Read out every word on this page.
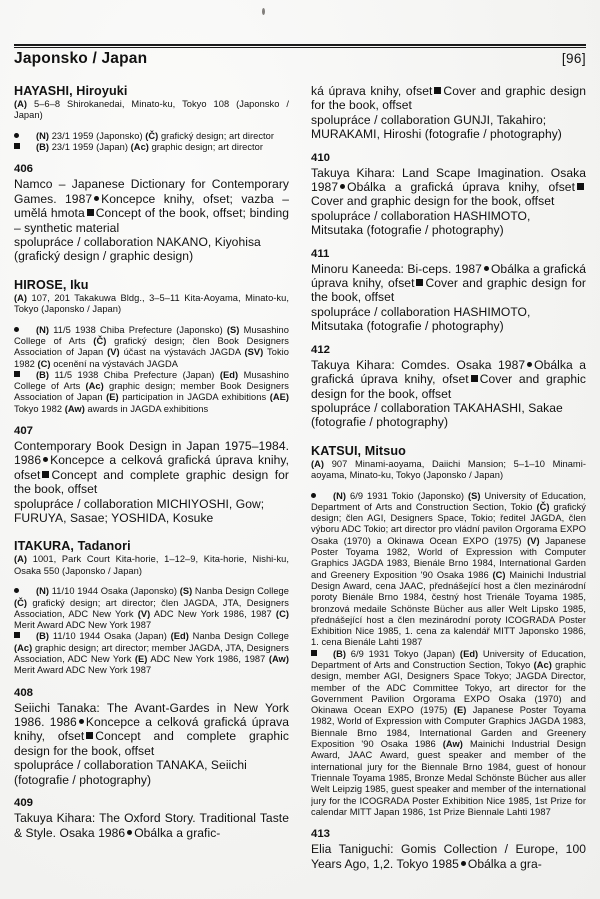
Japonsko / Japan	[96]
HAYASHI, Hiroyuki
(A) 5–6–8 Shirokanedai, Minato-ku, Tokyo 108 (Japonsko / Japan)
(N) 23/1 1959 (Japonsko) (Č) grafický design; art director
(B) 23/1 1959 (Japan) (Ac) graphic design; art director
406
Namco – Japanese Dictionary for Contemporary Games. 1987 Koncepce knihy, ofset; vazba – umělá hmota Concept of the book, offset; binding – synthetic material
spolupráce / collaboration NAKANO, Kiyohisa (grafický design / graphic design)
HIROSE, Iku
(A) 107, 201 Takakuwa Bldg., 3–5–11 Kita-Aoyama, Minato-ku, Tokyo (Japonsko / Japan)
(N) 11/5 1938 Chiba Prefecture (Japonsko) (S) Musashino College of Arts (Č) grafický design; člen Book Designers Association of Japan (V) účast na výstavách JAGDA (SV) Tokio 1982 (C) ocenění na výstavách JAGDA
(B) 11/5 1938 Chiba Prefecture (Japan) (Ed) Musashino College of Arts (Ac) graphic design; member Book Designers Association of Japan (E) participation in JAGDA exhibitions (AE) Tokyo 1982 (Aw) awards in JAGDA exhibitions
407
Contemporary Book Design in Japan 1975–1984. 1986 Koncepce a celková grafická úprava knihy, ofset Concept and complete graphic design for the book, offset
spolupráce / collaboration MICHIYOSHI, Gow; FURUYA, Sasae; YOSHIDA, Kosuke
ITAKURA, Tadanori
(A) 1001, Park Court Kita-horie, 1–12–9, Kita-horie, Nishi-ku, Osaka 550 (Japonsko / Japan)
(N) 11/10 1944 Osaka (Japonsko) (S) Nanba Design College (Č) grafický design; art director; člen JAGDA, JTA, Designers Association, ADC New York (V) ADC New York 1986, 1987 (C) Merit Award ADC New York 1987
(B) 11/10 1944 Osaka (Japan) (Ed) Nanba Design College (Ac) graphic design; art director; member JAGDA, JTA, Designers Association, ADC New York (E) ADC New York 1986, 1987 (Aw) Merit Award ADC New York 1987
408
Seiichi Tanaka: The Avant-Gardes in New York 1986. 1986 Koncepce a celková grafická úprava knihy, ofset Concept and complete graphic design for the book, offset
spolupráce / collaboration TANAKA, Seiichi (fotografie / photography)
409
Takuya Kihara: The Oxford Story. Traditional Taste & Style. Osaka 1986 Obálka a grafic-
ká úprava knihy, ofset Cover and graphic design for the book, offset
spolupráce / collaboration GUNJI, Takahiro; MURAKAMI, Hiroshi (fotografie / photography)
410
Takuya Kihara: Land Scape Imagination. Osaka 1987 Obálka a grafická úprava knihy, ofsetCover and graphic design for the book, offset
spolupráce / collaboration HASHIMOTO, Mitsutaka (fotografie / photography)
411
Minoru Kaneeda: Bi-ceps. 1987 Obálka a grafická úprava knihy, ofset Cover and graphic design for the book, offset
spolupráce / collaboration HASHIMOTO, Mitsutaka (fotografie / photography)
412
Takuya Kihara: Comdes. Osaka 1987 Obálka a grafická úprava knihy, ofset Cover and graphic design for the book, offset
spolupráce / collaboration TAKAHASHI, Sakae (fotografie / photography)
KATSUI, Mitsuo
(A) 907 Minami-aoyama, Daiichi Mansion; 5–1–10 Minami-aoyama, Minato-ku, Tokyo (Japonsko / Japan)
(N) 6/9 1931 Tokio (Japonsko) (S) University of Education, Department of Arts and Construction Section, Tokio (Č) grafický design; člen AGI, Designers Space, Tokio; ředitel JAGDA, člen výboru ADC Tokio; art director pro vládní pavilon Orgorama EXPO Osaka (1970) a Okinawa Ocean EXPO (1975) (V) Japanese Poster Toyama 1982, World of Expression with Computer Graphics JAGDA 1983, Bienále Brno 1984, International Garden and Greenery Exposition '90 Osaka 1986 (C) Mainichi Industrial Design Award, cena JAAC, přednášející host a člen mezinárodní poroty Bienále Brno 1984, čestný host Trienále Toyama 1985, bronzová medaile Schönste Bücher aus aller Welt Lipsko 1985, přednášející host a člen mezinárodní poroty ICOGRADA Poster Exhibition Nice 1985, 1. cena za kalendář MITT Japonsko 1986, 1. cena Bienále Lahti 1987
(B) 6/9 1931 Tokyo (Japan) (Ed) University of Education, Department of Arts and Construction Section, Tokyo (Ac) graphic design, member AGI, Designers Space Tokyo; JAGDA Director, member of the ADC Committee Tokyo, art director for the Government Pavilion Orgorama EXPO Osaka (1970) and Okinawa Ocean EXPO (1975) (E) Japanese Poster Toyama 1982, World of Expression with Computer Graphics JAGDA 1983, Biennale Brno 1984, International Garden and Greenery Exposition '90 Osaka 1986 (Aw) Mainichi Industrial Design Award, JAAC Award, guest speaker and member of the international jury for the Biennale Brno 1984, guest of honour Triennale Toyama 1985, Bronze Medal Schönste Bücher aus aller Welt Leipzig 1985, guest speaker and member of the international jury for the ICOGRADA Poster Exhibition Nice 1985, 1st Prize for calendar MITT Japan 1986, 1st Prize Biennale Lahti 1987
413
Elia Taniguchi: Gomis Collection / Europe, 100 Years Ago, 1,2. Tokyo 1985 Obálka a gra-
